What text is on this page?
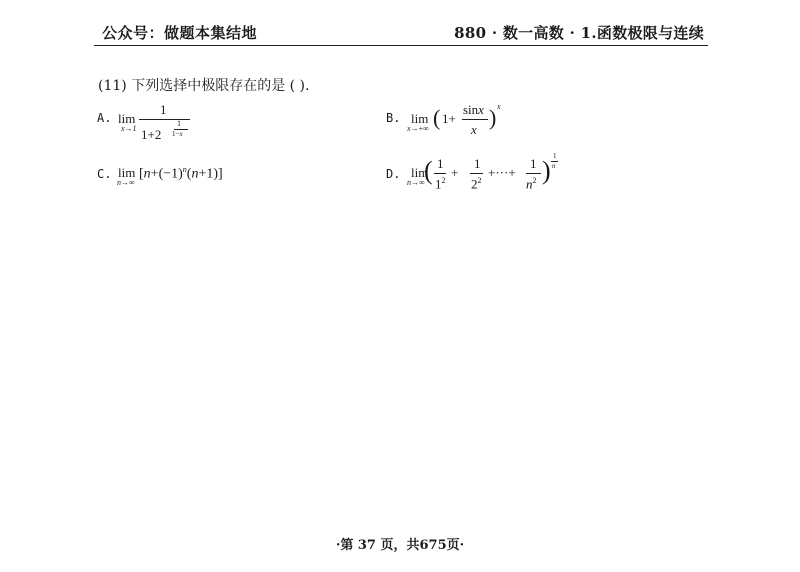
公众号：做题本集结地	880 · 数一高数 · 1.函数极限与连续
(11) 下列选择中极限存在的是 ( ).
A. lim
x→1
1
1+2
1
1−x
B. lim
x→+∞ ( 1+
sinx
x ) x
C. lim
n→∞
$[n+(-1)^n(n+1)]$	D. lim
n→∞ ( 1
$1^2$
+
1
$2^2$
+···+
1
$n^2$ ) 1
n
·第 37 页，共675页·
